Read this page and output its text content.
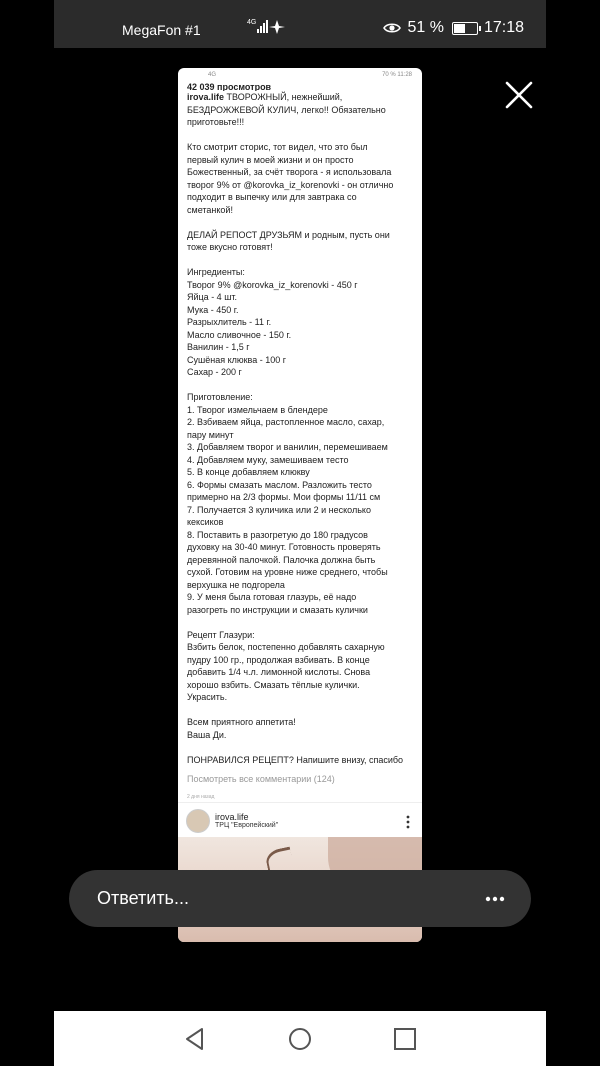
MegaFon #1	4G	51 %	17:18
4G	70 % 11:28
42 039 просмотров

irova.life ТВОРОЖНЫЙ, нежнейший,
БЕЗДРОЖЖЕВОЙ КУЛИЧ, легко!! Обязательно
приготовьте!!!

Кто смотрит сторис, тот видел, что это был
первый кулич в моей жизни и он просто
Божественный, за счёт творога - я использовала
творог 9% от @korovka_iz_korenovki - он отлично
подходит в выпечку или для завтрака со
сметанкой!

ДЕЛАЙ РЕПОСТ ДРУЗЬЯМ и родным, пусть они
тоже вкусно готовят!

Ингредиенты:
Творог 9% @korovka_iz_korenovki - 450 г
Яйца - 4 шт.
Мука - 450 г.
Разрыхлитель - 11 г.
Масло сливочное - 150 г.
Ванилин - 1,5 г
Сушёная клюква - 100 г
Сахар - 200 г

Приготовление:
1. Творог измельчаем в блендере
2. Взбиваем яйца, растопленное масло, сахар,
пару минут
3. Добавляем творог и ванилин, перемешиваем
4. Добавляем муку, замешиваем тесто
5. В конце добавляем клюкву
6. Формы смазать маслом. Разложить тесто
примерно на 2/3 формы. Мои формы 11/11 см
7. Получается 3 куличика или 2 и несколько
кексиков
8. Поставить в разогретую до 180 градусов
духовку на 30-40 минут. Готовность проверять
деревянной палочкой. Палочка должна быть
сухой. Готовим на уровне ниже среднего, чтобы
верхушка не подгорела
9. У меня была готовая глазурь, её надо
разогреть по инструкции и смазать кулички

Рецепт Глазури:
Взбить белок, постепенно добавлять сахарную
пудру 100 гр., продолжая взбивать. В конце
добавить 1/4 ч.л. лимонной кислоты. Снова
хорошо взбить. Смазать тёплые кулички.
Украсить.

Всем приятного аппетита!
Ваша Ди.

ПОНРАВИЛСЯ РЕЦЕПТ? Напишите внизу, спасибо

Посмотреть все комментарии (124)
2 дня назад
irova.life
ТРЦ "Европейский"
Ответить...
